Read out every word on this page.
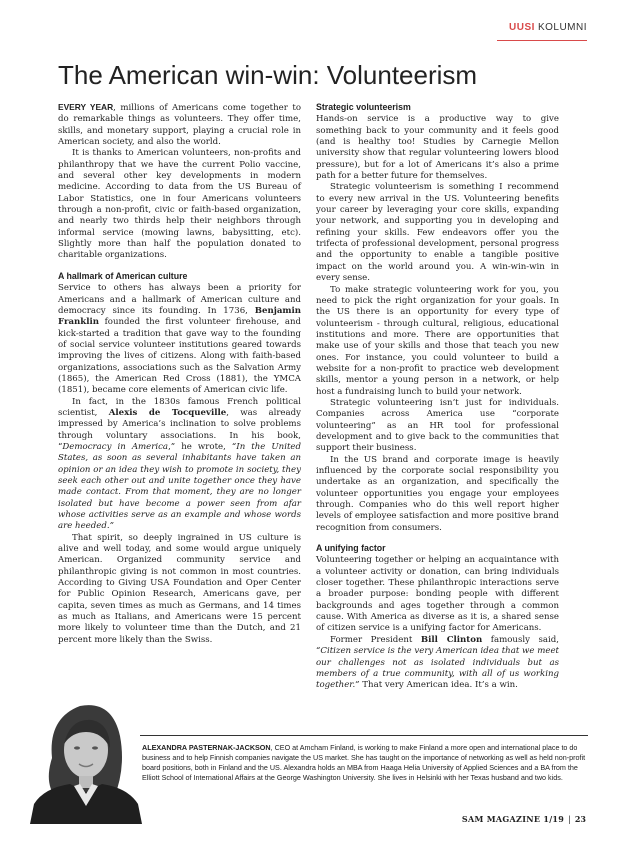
UUSI KOLUMNI
The American win-win: Volunteerism

EVERY YEAR, millions of Americans come together to do remarkable things as volunteers. They offer time, skills, and monetary support, playing a crucial role in American society, and also the world.

It is thanks to American volunteers, non-profits and philanthropy that we have the current Polio vaccine, and several other key developments in modern medicine. According to data from the US Bureau of Labor Statistics, one in four Americans volunteers through a non-profit, civic or faith-based organization, and nearly two thirds help their neighbors through informal service (mowing lawns, babysitting, etc). Slightly more than half the population donated to charitable organizations.

A hallmark of American culture

Service to others has always been a priority for Americans and a hallmark of American culture and democracy since its founding. In 1736, Benjamin Franklin founded the first volunteer firehouse, and kick-started a tradition that gave way to the founding of social service volunteer institutions geared towards improving the lives of citizens. Along with faith-based organizations, associations such as the Salvation Army (1865), the American Red Cross (1881), the YMCA (1851), became core elements of American civic life.

In fact, in the 1830s famous French political scientist, Alexis de Tocqueville, was already impressed by America’s inclination to solve problems through voluntary associations. In his book, “Democracy in America,” he wrote, “In the United States, as soon as several inhabitants have taken an opinion or an idea they wish to promote in society, they seek each other out and unite together once they have made contact. From that moment, they are no longer isolated but have become a power seen from afar whose activities serve as an example and whose words are heeded.”

That spirit, so deeply ingrained in US culture is alive and well today, and some would argue uniquely American. Organized community service and philanthropic giving is not common in most countries. According to Giving USA Foundation and Oper Center for Public Opinion Research, Americans gave, per capita, seven times as much as Germans, and 14 times as much as Italians, and Americans were 15 percent more likely to volunteer time than the Dutch, and 21 percent more likely than the Swiss.

Strategic volunteerism

Hands-on service is a productive way to give something back to your community and it feels good (and is healthy too! Studies by Carnegie Mellon university show that regular volunteering lowers blood pressure), but for a lot of Americans it’s also a prime path for a better future for themselves.

Strategic volunteerism is something I recommend to every new arrival in the US. Volunteering benefits your career by leveraging your core skills, expanding your network, and supporting you in developing and refining your skills. Few endeavors offer you the trifecta of professional development, personal progress and the opportunity to enable a tangible positive impact on the world around you. A win-win-win in every sense.

To make strategic volunteering work for you, you need to pick the right organization for your goals. In the US there is an opportunity for every type of volunteerism - through cultural, religious, educational institutions and more. There are opportunities that make use of your skills and those that teach you new ones. For instance, you could volunteer to build a website for a non-profit to practice web development skills, mentor a young person in a network, or help host a fundraising lunch to build your network.

Strategic volunteering isn’t just for individuals. Companies across America use “corporate volunteering” as an HR tool for professional development and to give back to the communities that support their business.

In the US brand and corporate image is heavily influenced by the corporate social responsibility you undertake as an organization, and specifically the volunteer opportunities you engage your employees through. Companies who do this well report higher levels of employee satisfaction and more positive brand recognition from consumers.

A unifying factor

Volunteering together or helping an acquaintance with a volunteer activity or donation, can bring individuals closer together. These philanthropic interactions serve a broader purpose: bonding people with different backgrounds and ages together through a common cause. With America as diverse as it is, a shared sense of citizen service is a unifying factor for Americans.

Former President Bill Clinton famously said, “Citizen service is the very American idea that we meet our challenges not as isolated individuals but as members of a true community, with all of us working together.” That very American idea. It’s a win.

ALEXANDRA PASTERNAK-JACKSON, CEO at Amcham Finland, is working to make Finland a more open and international place to do business and to help Finnish companies navigate the US market. She has taught on the importance of networking as well as held non-profit board positions, both in Finland and the US. Alexandra holds an MBA from Haaga Helia University of Applied Sciences and a BA from the Elliott School of International Affairs at the George Washington University. She lives in Helsinki with her Texas husband and two kids.
SAM MAGAZINE 1/19 | 23
